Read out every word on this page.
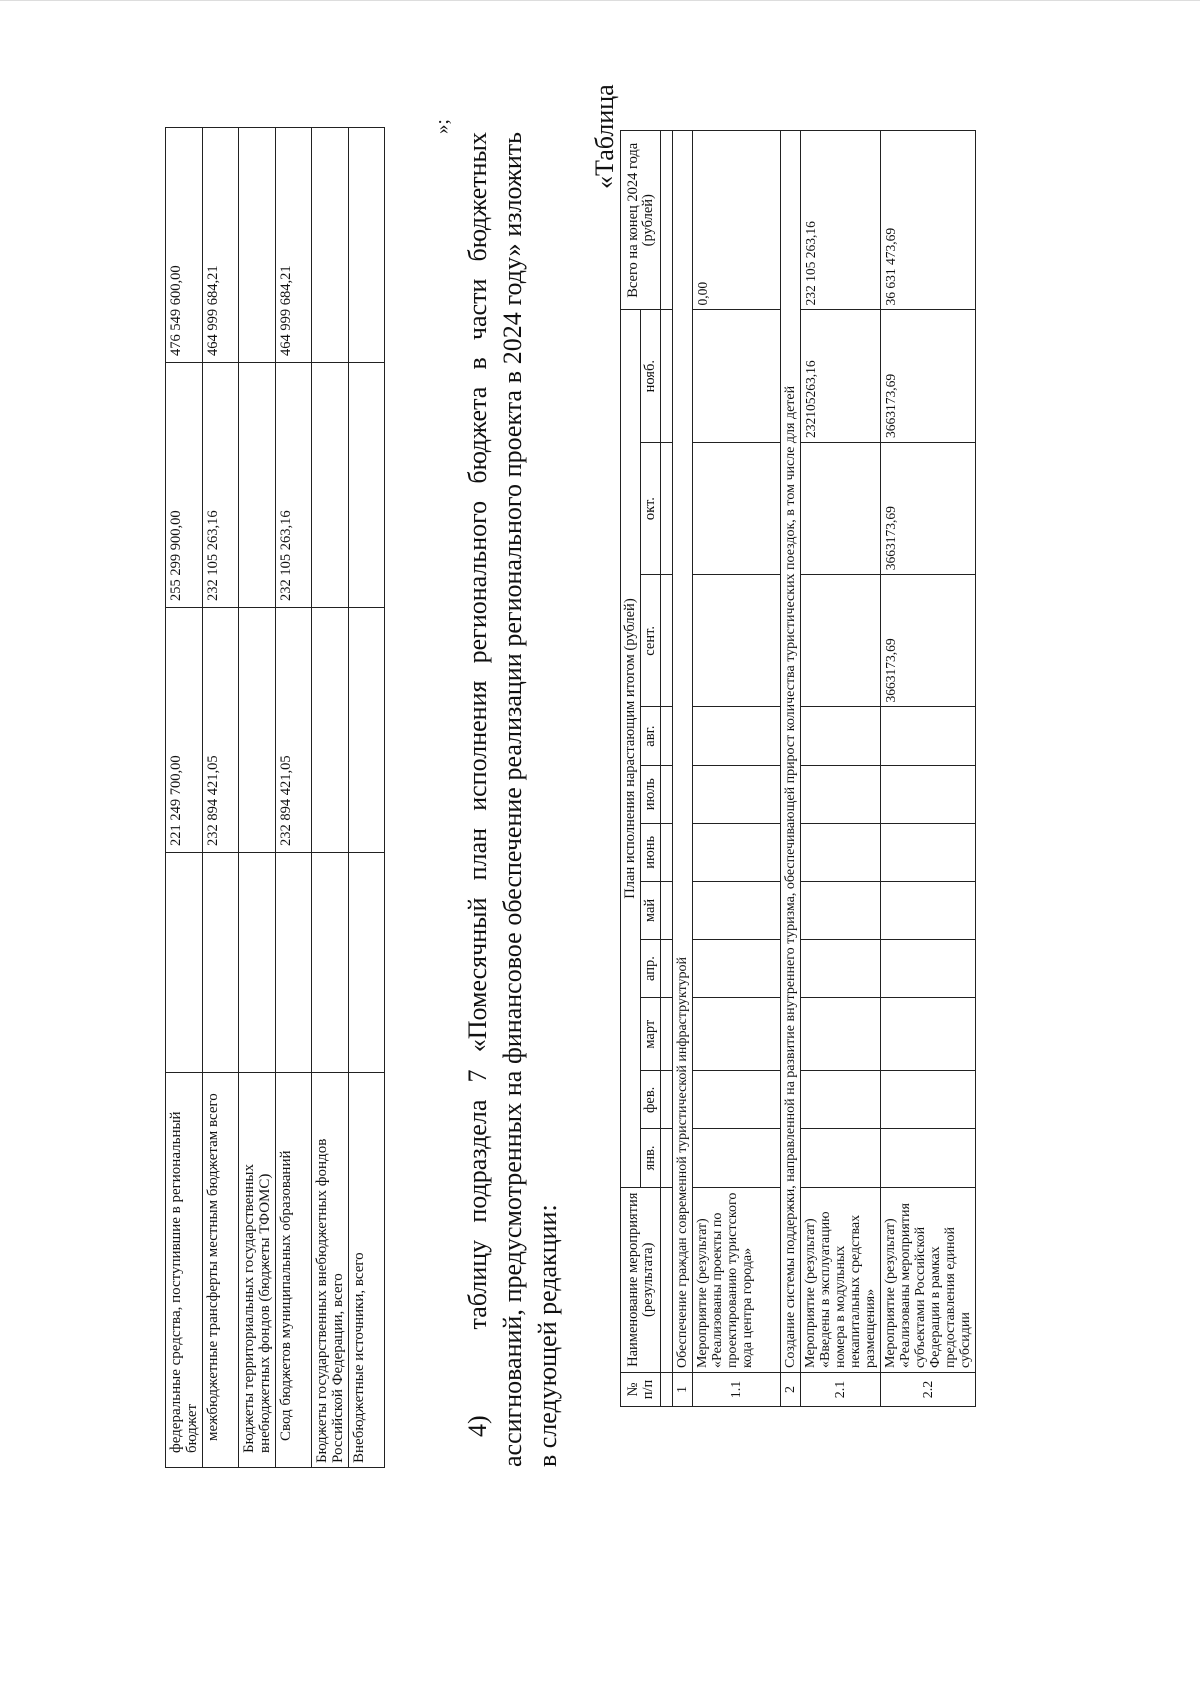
федеральные средства, поступившие в региональный бюджет		221 249 700,00	255 299 900,00	476 549 600,00
межбюджетные трансферты местным бюджетам всего		232 894 421,05	232 105 263,16	464 999 684,21
Бюджеты территориальных государственных внебюджетных фондов (бюджеты ТФОМС)				
Свод бюджетов муниципальных образований		232 894 421,05	232 105 263,16	464 999 684,21
Бюджеты государственных внебюджетных фондов Российской Федерации, всего				
Внебюджетные источники, всего				
»;
4)     таблицу подраздела 7 «Помесячный план исполнения регионального бюджета в части бюджетных ассигнований, предусмотренных на финансовое обеспечение реализации регионального проекта в 2024 году» изложить в следующей редакции:
«Таблица
№ п/п	Наименование мероприятия (результата)	План исполнения нарастающим итогом (рублей)											Всего на конец 2024 года (рублей)
		янв.	фев.	март	апр.	май	июнь	июль	авг.	сент.	окт.	нояб.	

1	Обеспечение граждан современной туристической инфраструктурой												
1.1	Мероприятие (результат) «Реализованы проекты по проектированию туристского кода центра города»												0,00
2	Создание системы поддержки, направленной на развитие внутреннего туризма, обеспечивающей прирост количества туристических поездок, в том числе для детей												
2.1	Мероприятие (результат) «Введены в эксплуатацию номера в модульных некапитальных средствах размещения»											232105263,16	232 105 263,16
2.2	Мероприятие (результат) «Реализованы мероприятия субъектами Российской Федерации в рамках предоставления единой субсидии									3663173,69	3663173,69	3663173,69	36 631 473,69
